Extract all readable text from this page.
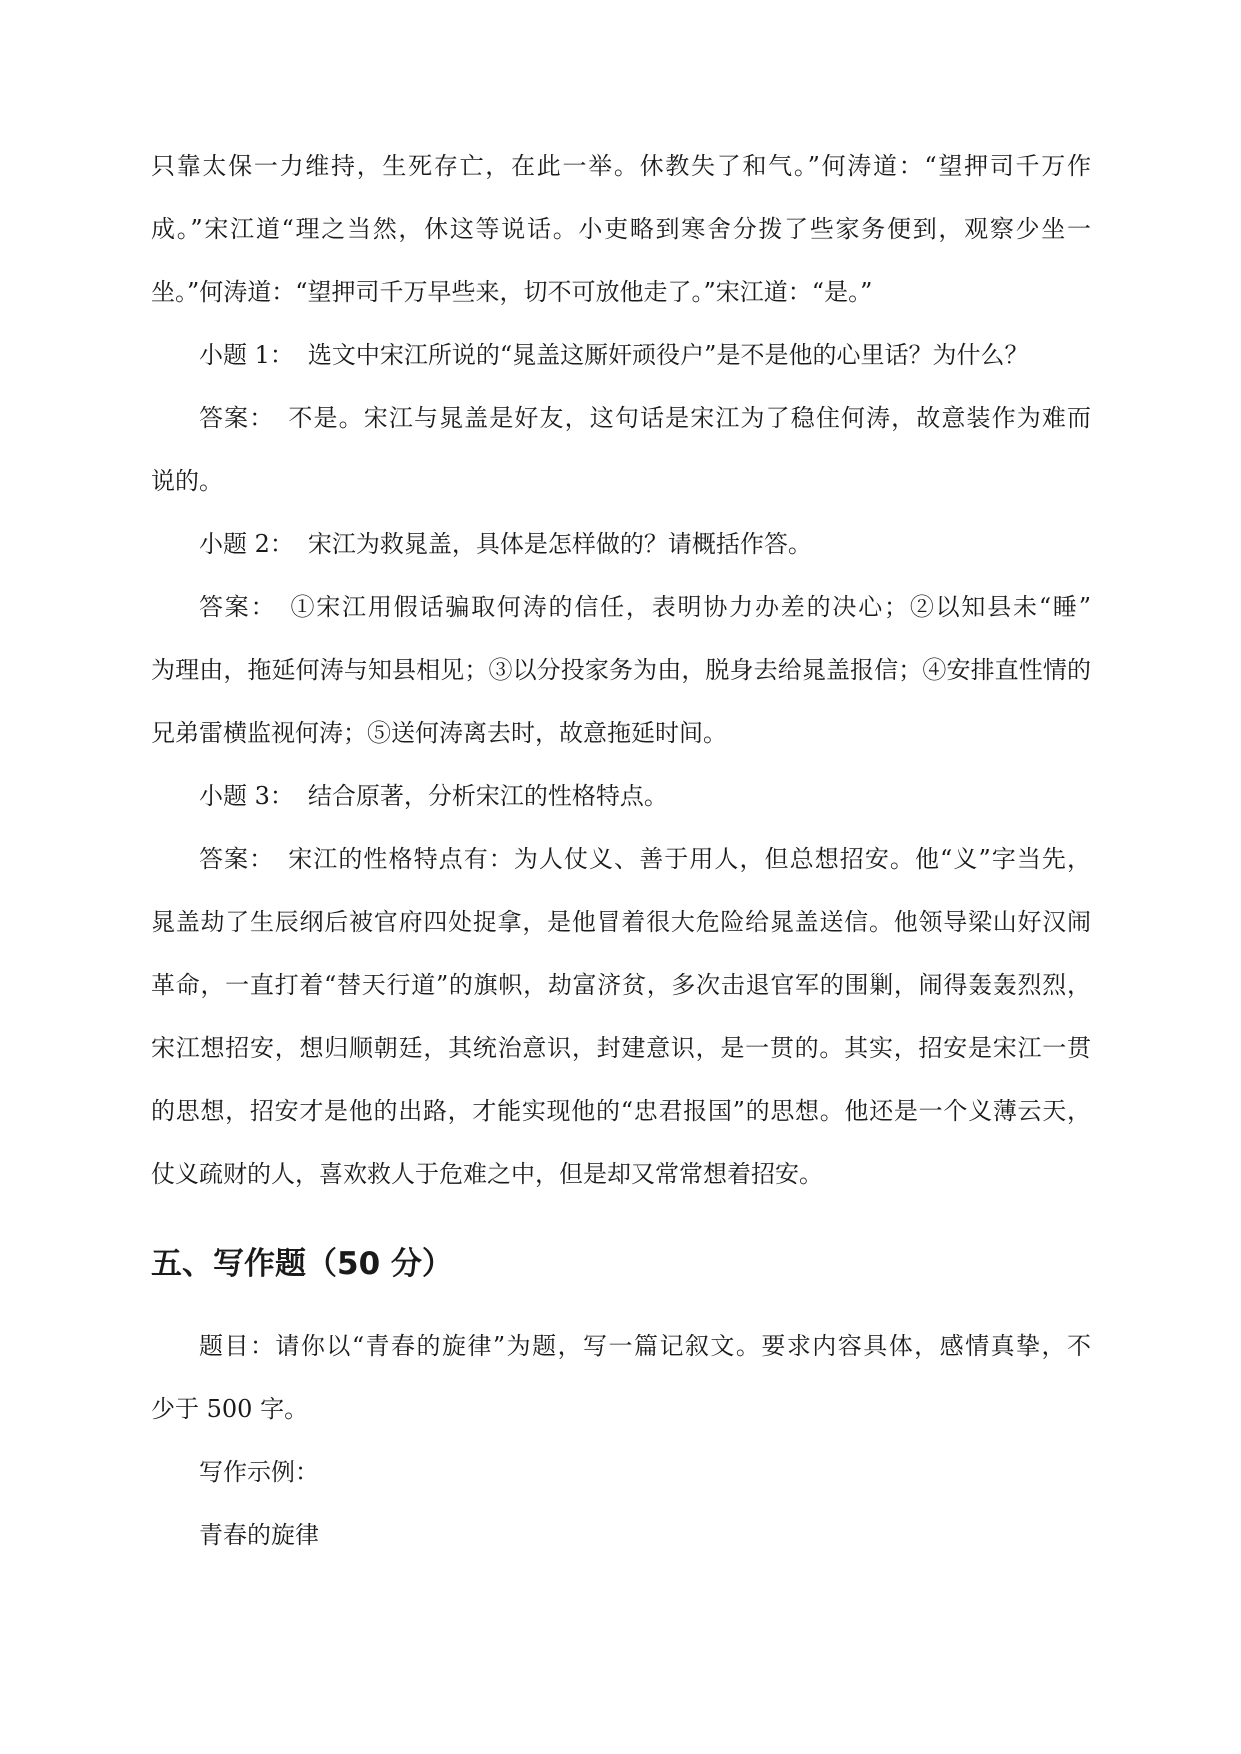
只靠太保一力维持，生死存亡，在此一举。休教失了和气。”何涛道：“望押司千万作
成。”宋江道“理之当然，休这等说话。小吏略到寒舍分拨了些家务便到，观察少坐一
坐。”何涛道：“望押司千万早些来，切不可放他走了。”宋江道：“是。”
小题 1： 选文中宋江所说的“晁盖这厮奸顽役户”是不是他的心里话？为什么？
答案： 不是。宋江与晁盖是好友，这句话是宋江为了稳住何涛，故意装作为难而
说的。
小题 2： 宋江为救晁盖，具体是怎样做的？请概括作答。
答案： ①宋江用假话骗取何涛的信任，表明协力办差的决心；②以知县未“睡”
为理由，拖延何涛与知县相见；③以分投家务为由，脱身去给晁盖报信；④安排直性情的
兄弟雷横监视何涛；⑤送何涛离去时，故意拖延时间。
小题 3： 结合原著，分析宋江的性格特点。
答案： 宋江的性格特点有：为人仗义、善于用人，但总想招安。他“义”字当先，
晁盖劫了生辰纲后被官府四处捉拿，是他冒着很大危险给晁盖送信。他领导梁山好汉闹
革命，一直打着“替天行道”的旗帜，劫富济贫，多次击退官军的围剿，闹得轰轰烈烈，
宋江想招安，想归顺朝廷，其统治意识，封建意识，是一贯的。其实，招安是宋江一贯
的思想，招安才是他的出路，才能实现他的“忠君报国”的思想。他还是一个义薄云天，
仗义疏财的人，喜欢救人于危难之中，但是却又常常想着招安。
五、写作题（50 分）
题目：请你以“青春的旋律”为题，写一篇记叙文。要求内容具体，感情真挚，不
少于 500 字。
写作示例：
青春的旋律
